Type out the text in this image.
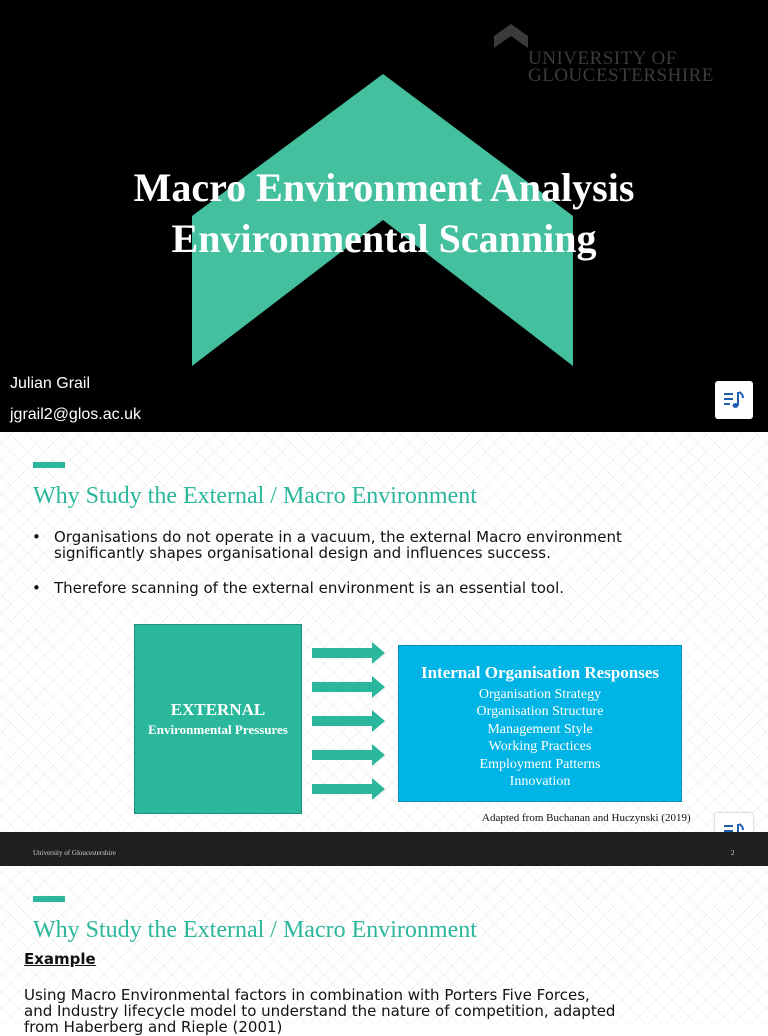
UNIVERSITY OF
GLOUCESTERSHIRE
Macro Environment Analysis
Environmental Scanning
Julian Grail
jgrail2@glos.ac.uk
Why Study the External / Macro Environment
• Organisations do not operate in a vacuum, the external Macro environment
significantly shapes organisational design and influences success.
• Therefore scanning of the external environment is an essential tool.
EXTERNAL
Environmental Pressures
Internal Organisation Responses
Organisation Strategy
Organisation Structure
Management Style
Working Practices
Employment Patterns
Innovation
Adapted from Buchanan and Huczynski (2019)
University of Gloucestershire	2
Why Study the External / Macro Environment
Example
Using Macro Environmental factors in combination with Porters Five Forces,
and Industry lifecycle model to understand the nature of competition, adapted
from Haberberg and Rieple (2001)
